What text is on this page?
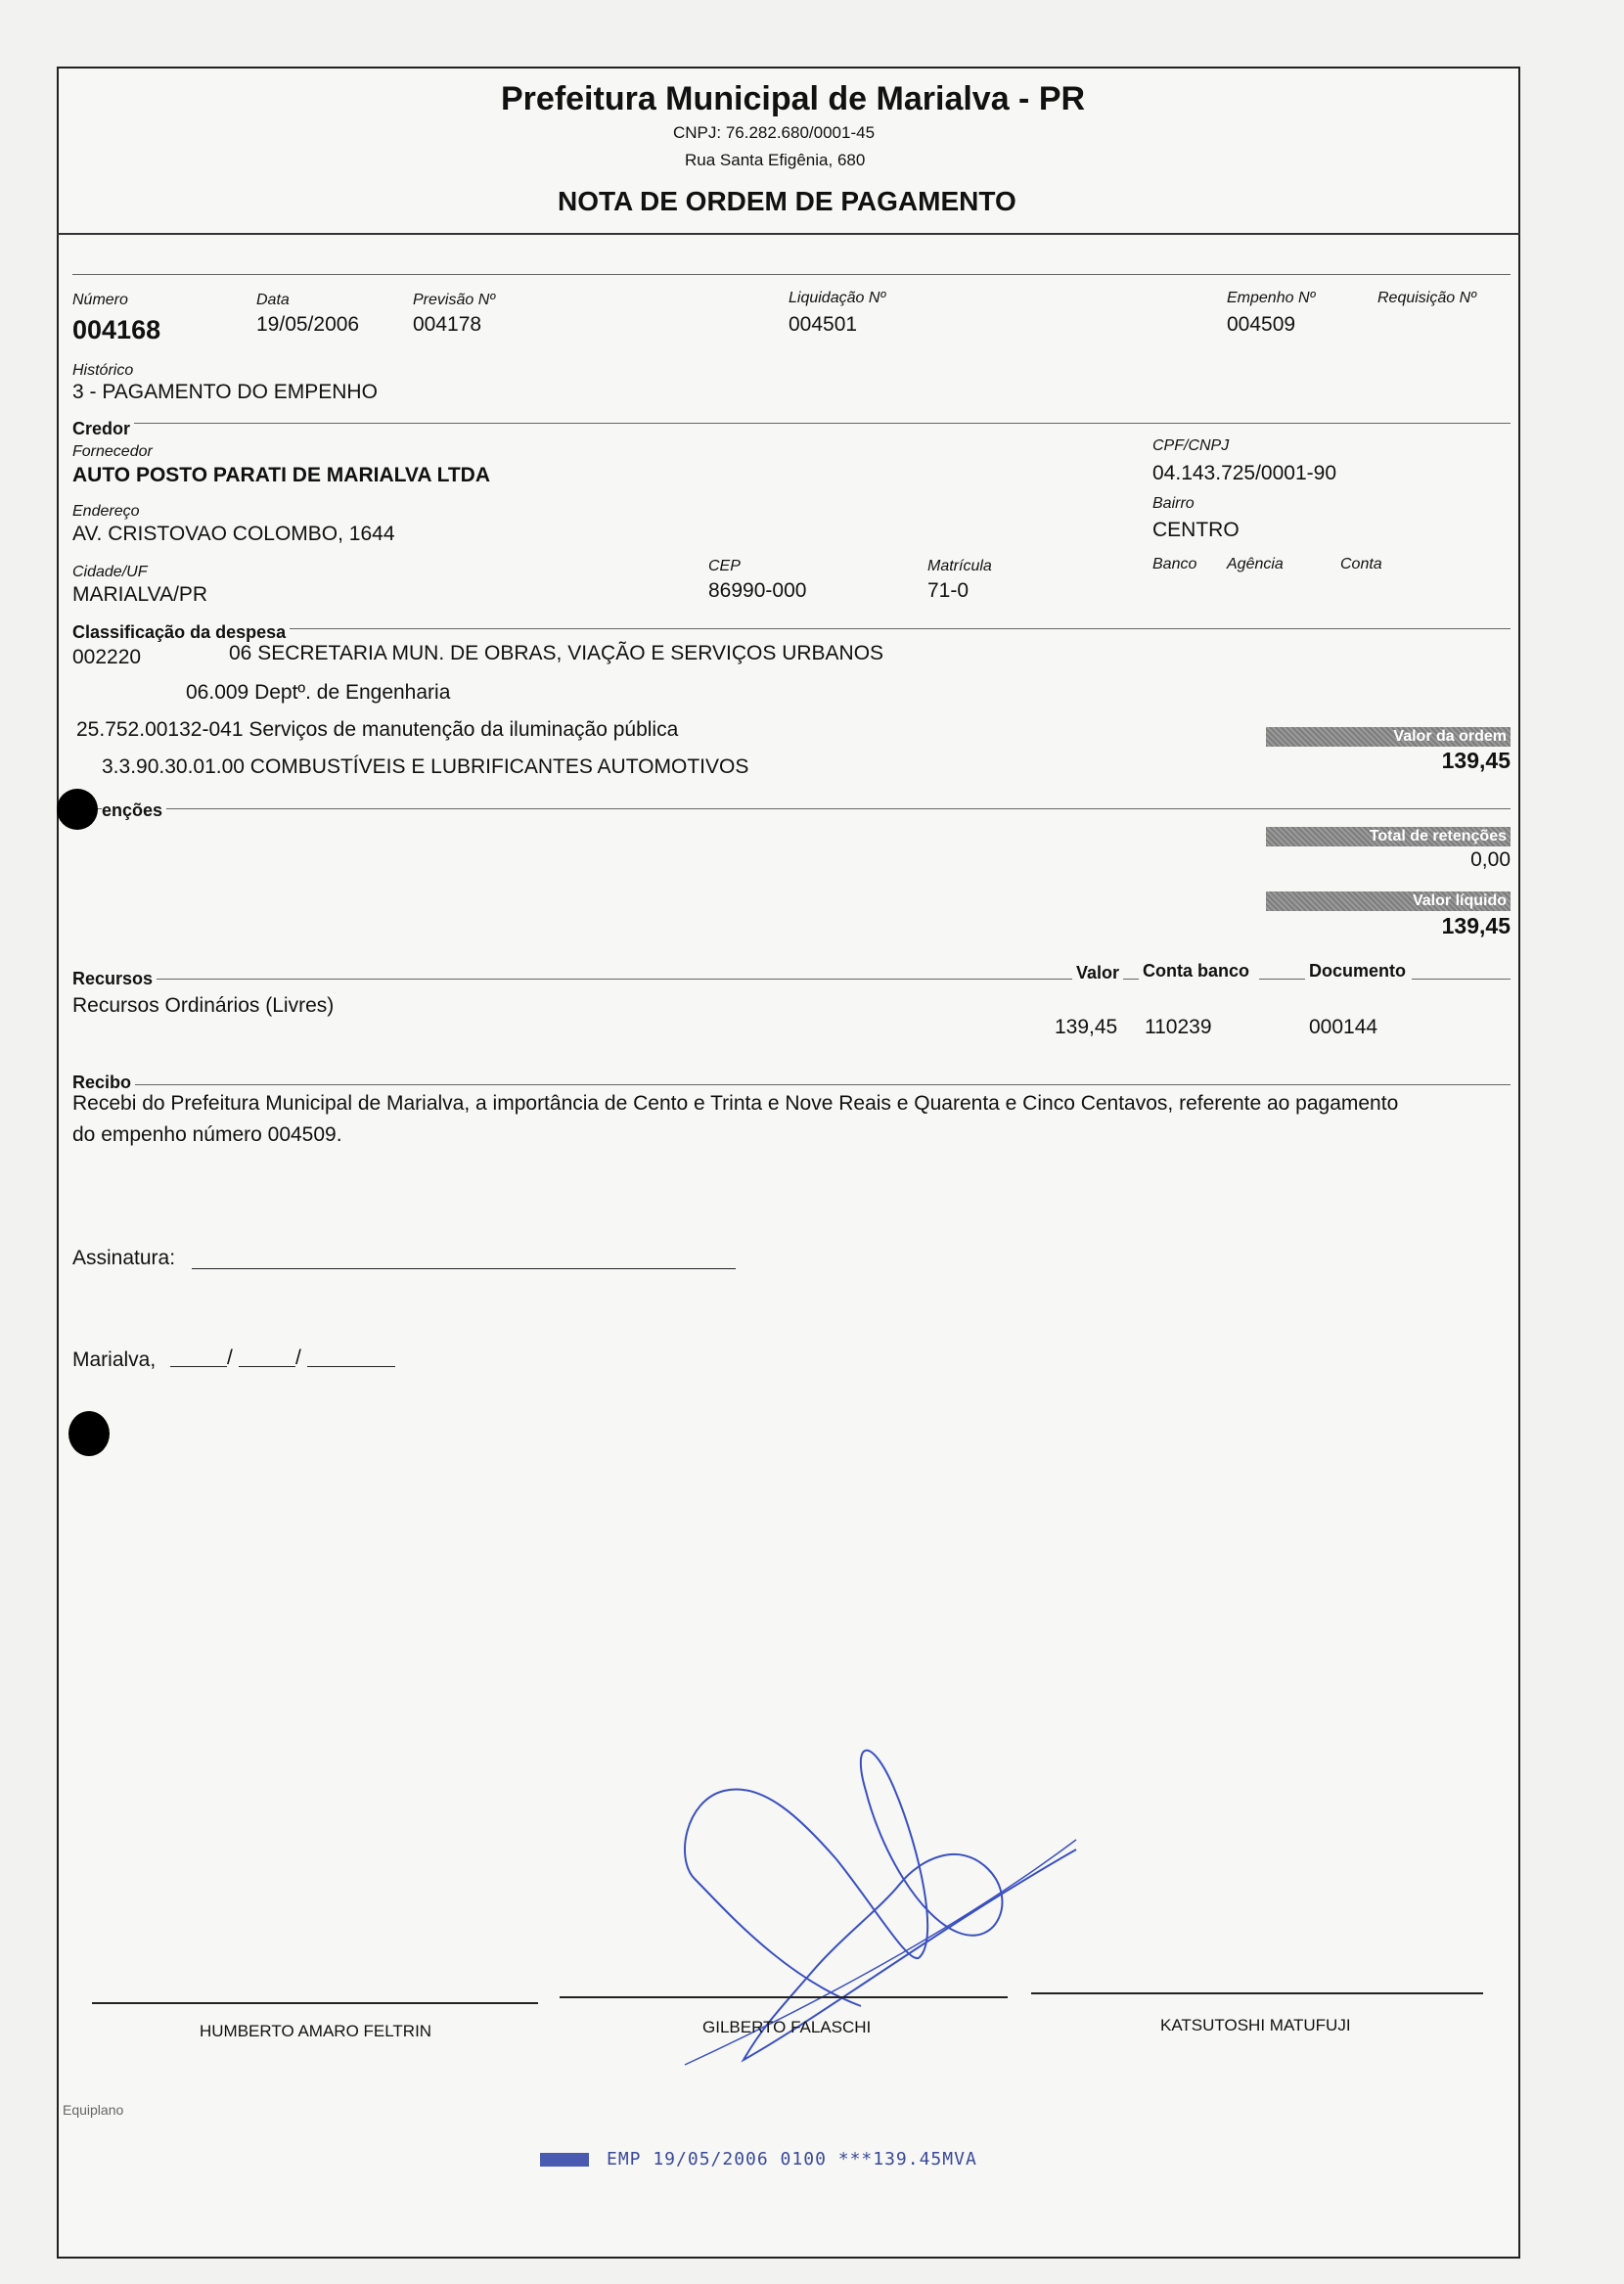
Prefeitura Municipal de Marialva - PR
CNPJ: 76.282.680/0001-45
Rua Santa Efigênia, 680
NOTA DE ORDEM DE PAGAMENTO
Número
004168
Data
19/05/2006
Previsão Nº
004178
Liquidação Nº
004501
Empenho Nº
004509
Requisição Nº
Histórico
3 - PAGAMENTO DO EMPENHO
Credor
Fornecedor
AUTO POSTO PARATI DE MARIALVA LTDA
CPF/CNPJ
04.143.725/0001-90
Endereço
AV. CRISTOVAO COLOMBO, 1644
Bairro
CENTRO
Cidade/UF
MARIALVA/PR
CEP
86990-000
Matrícula
71-0
Banco Agência	Conta
Classificação da despesa
002220	06 SECRETARIA MUN. DE OBRAS, VIAÇÃO E SERVIÇOS URBANOS
06.009 Deptº. de Engenharia
25.752.00132-041 Serviços de manutenção da iluminação pública
3.3.90.30.01.00 COMBUSTÍVEIS E LUBRIFICANTES AUTOMOTIVOS
Valor da ordem
139,45
enções
Total de retenções
0,00
Valor líquido
139,45
Recursos	Valor Conta banco	Documento
Recursos Ordinários (Livres)
139,45 110239	000144
Recibo
Recebi do Prefeitura Municipal de Marialva, a importância de Cento e Trinta e Nove Reais e Quarenta e Cinco Centavos, referente ao pagamento
do empenho número 004509.
Assinatura:
Marialva,	/	/
HUMBERTO AMARO FELTRIN	GILBERTO FALASCHI	KATSUTOSHI MATUFUJI
Equiplano
EMP 19/05/2006 0100 ***139.45MVA
